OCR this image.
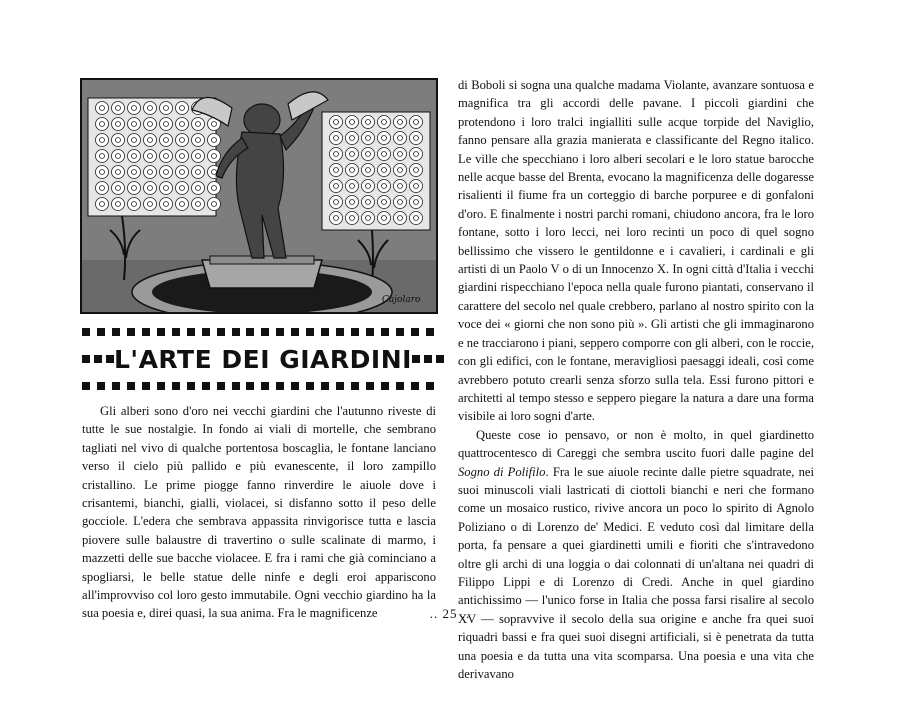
Cajolaro
L'ARTE DEI GIARDINI

Gli alberi sono d'oro nei vecchi giardini che l'autunno riveste di tutte le sue nostalgie. In fondo ai viali di mortelle, che sembrano tagliati nel vivo di qualche portentosa boscaglia, le fontane lanciano verso il cielo più pallido e più evanescente, il loro zampillo cristallino. Le prime piogge fanno rinverdire le aiuole dove i crisantemi, bianchi, gialli, violacei, si disfanno sotto il peso delle gocciole. L'edera che sembrava appassita rinvigorisce tutta e lascia piovere sulle balaustre di travertino o sulle scalinate di marmo, i mazzetti delle sue bacche violacee. E fra i rami che già cominciano a spogliarsi, le belle statue delle ninfe e degli eroi appariscono all'improvviso col loro gesto immutabile. Ogni vecchio giardino ha la sua poesia e, direi quasi, la sua anima. Fra le magnificenze

di Boboli si sogna una qualche madama Violante, avanzare sontuosa e magnifica tra gli accordi delle pavane. I piccoli giardini che protendono i loro tralci ingialliti sulle acque torpide del Naviglio, fanno pensare alla grazia manierata e classificante del Regno italico. Le ville che specchiano i loro alberi secolari e le loro statue barocche nelle acque basse del Brenta, evocano la magnificenza delle dogaresse risalienti il fiume fra un corteggio di barche porpuree e di gonfaloni d'oro. E finalmente i nostri parchi romani, chiudono ancora, fra le loro fontane, sotto i loro lecci, nei loro recinti un poco di quel sogno bellissimo che vissero le gentildonne e i cavalieri, i cardinali e gli artisti di un Paolo V o di un Innocenzo X. In ogni città d'Italia i vecchi giardini rispecchiano l'epoca nella quale furono piantati, conservano il carattere del secolo nel quale crebbero, parlano al nostro spirito con la voce dei « giorni che non sono più ». Gli artisti che gli immaginarono e ne tracciarono i piani, seppero comporre con gli alberi, con le roccie, con gli edifici, con le fontane, meravigliosi paesaggi ideali, così come avrebbero potuto crearli senza sforzo sulla tela. Essi furono pittori e architetti al tempo stesso e seppero piegare la natura a dare una forma visibile ai loro sogni d'arte.

Queste cose io pensavo, or non è molto, in quel giardinetto quattrocentesco di Careggi che sembra uscito fuori dalle pagine del Sogno di Polifilo. Fra le sue aiuole recinte dalle pietre squadrate, nei suoi minuscoli viali lastricati di ciottoli bianchi e neri che formano come un mosaico rustico, rivive ancora un poco lo spirito di Agnolo Poliziano o di Lorenzo de' Medici. E veduto così dal limitare della porta, fa pensare a quei giardinetti umili e fioriti che s'intravedono oltre gli archi di una loggia o dai colonnati di un'altana nei quadri di Filippo Lippi e di Lorenzo di Credi. Anche in quel giardino antichissimo — l'unico forse in Italia che possa farsi risalire al secolo XV — sopravvive il secolo della sua origine e anche fra quei suoi riquadri bassi e fra quei suoi disegni artificiali, si è penetrata da tutta una poesia e da tutta una vita scomparsa. Una poesia e una vita che derivavano

.. 25 ..
